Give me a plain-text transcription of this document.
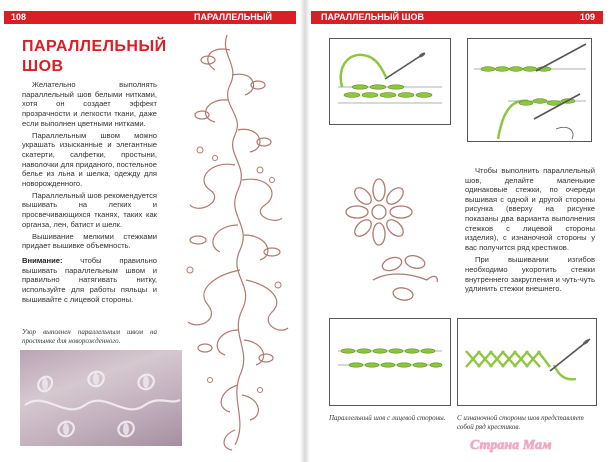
108	ПАРАЛЛЕЛЬНЫЙ ШОВ
ПАРАЛЛЕЛЬНЫЙ ШОВ

Желательно выполнять параллельный шов белыми нитками, хотя он создает эффект прозрачности и легкости ткани, даже если выполнен цветными нитками.

Параллельным швом можно украшать изысканные и элегантные скатерти, салфетки, простыни, наволочки для приданого, постельное белье из льна и шелка, одежду для новорожденного.

Параллельный шов рекомендуется вышивать на легких и просвечивающихся тканях, таких как органза, лен, батист и шелк.

Вышивание мелкими стежками придает вышивке объемность.

Внимание: чтобы правильно вышивать параллельным швом и правильно натягивать нитку, используйте для работы пяльцы и вышивайте с лицевой стороны.

Узор выполнен параллельным швом на простынке для новорожденного.
ПАРАЛЛЕЛЬНЫЙ ШОВ	109

Чтобы выполнить параллельный шов, делайте маленькие одинаковые стежки, по очереди вышивая с одной и другой стороны рисунка (вверху на рисунке показаны два варианта выполнения стежков с лицевой стороны изделия), с изнаночной стороны у вас получится ряд крестиков.

При вышивании изгибов необходимо укоротить стежки внутреннего закругления и чуть-чуть удлинить стежки внешнего.

Параллельный шов с лицевой стороны.	С изнаночной стороны шов представляет собой ряд крестиков.
Страна Мам
